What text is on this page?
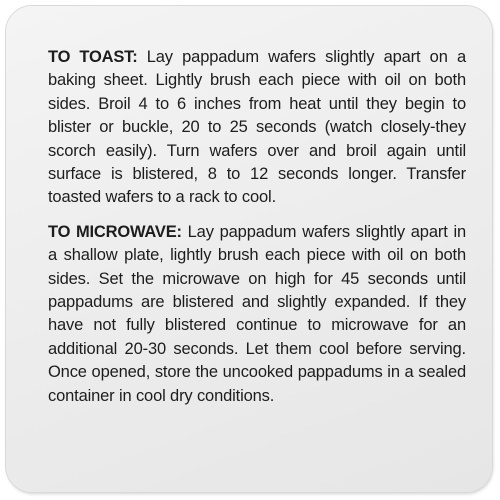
TO TOAST: Lay pappadum wafers slightly apart on a baking sheet. Lightly brush each piece with oil on both sides. Broil 4 to 6 inches from heat until they begin to blister or buckle, 20 to 25 seconds (watch closely-they scorch easily). Turn wafers over and broil again until surface is blistered, 8 to 12 seconds longer. Transfer toasted wafers to a rack to cool.

TO MICROWAVE: Lay pappadum wafers slightly apart in a shallow plate, lightly brush each piece with oil on both sides. Set the microwave on high for 45 seconds until pappadums are blistered and slightly expanded. If they have not fully blistered continue to microwave for an additional 20-30 seconds. Let them cool before serving. Once opened, store the uncooked pappadums in a sealed container in cool dry conditions.
